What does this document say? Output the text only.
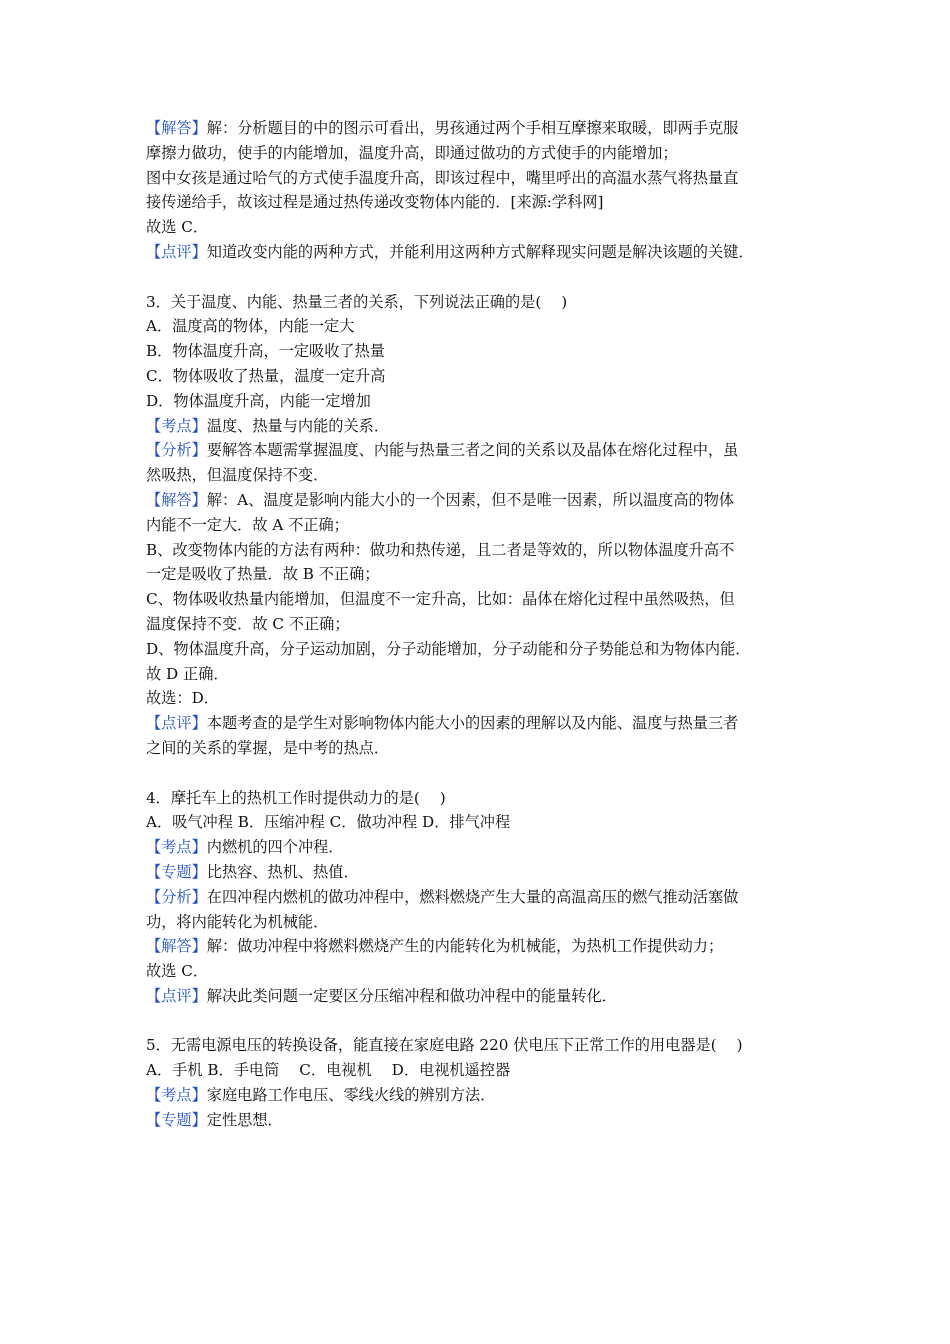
【解答】解：分析题目的中的图示可看出，男孩通过两个手相互摩擦来取暖，即两手克服
摩擦力做功，使手的内能增加，温度升高，即通过做功的方式使手的内能增加；
图中女孩是通过哈气的方式使手温度升高，即该过程中，嘴里呼出的高温水蒸气将热量直
接传递给手，故该过程是通过热传递改变物体内能的．[来源:学科网]
故选 C．
【点评】知道改变内能的两种方式，并能利用这两种方式解释现实问题是解决该题的关键．
3．关于温度、内能、热量三者的关系，下列说法正确的是(　 )
A．温度高的物体，内能一定大
B．物体温度升高，一定吸收了热量
C．物体吸收了热量，温度一定升高
D．物体温度升高，内能一定增加
【考点】温度、热量与内能的关系．
【分析】要解答本题需掌握温度、内能与热量三者之间的关系以及晶体在熔化过程中，虽
然吸热，但温度保持不变．
【解答】解：A、温度是影响内能大小的一个因素，但不是唯一因素，所以温度高的物体
内能不一定大．故 A 不正确；
B、改变物体内能的方法有两种：做功和热传递，且二者是等效的，所以物体温度升高不
一定是吸收了热量．故 B 不正确；
C、物体吸收热量内能增加，但温度不一定升高，比如：晶体在熔化过程中虽然吸热，但
温度保持不变．故 C 不正确；
D、物体温度升高，分子运动加剧，分子动能增加，分子动能和分子势能总和为物体内能．
故 D 正确．
故选：D．
【点评】本题考查的是学生对影响物体内能大小的因素的理解以及内能、温度与热量三者
之间的关系的掌握，是中考的热点．
4．摩托车上的热机工作时提供动力的是(　 )
A．吸气冲程 B．压缩冲程 C．做功冲程 D．排气冲程
【考点】内燃机的四个冲程．
【专题】比热容、热机、热值．
【分析】在四冲程内燃机的做功冲程中，燃料燃烧产生大量的高温高压的燃气推动活塞做
功，将内能转化为机械能．
【解答】解：做功冲程中将燃料燃烧产生的内能转化为机械能，为热机工作提供动力；
故选 C．
【点评】解决此类问题一定要区分压缩冲程和做功冲程中的能量转化．
5．无需电源电压的转换设备，能直接在家庭电路 220 伏电压下正常工作的用电器是(　 )
A．手机 B．手电筒　 C．电视机　 D．电视机遥控器
【考点】家庭电路工作电压、零线火线的辨别方法．
【专题】定性思想．
